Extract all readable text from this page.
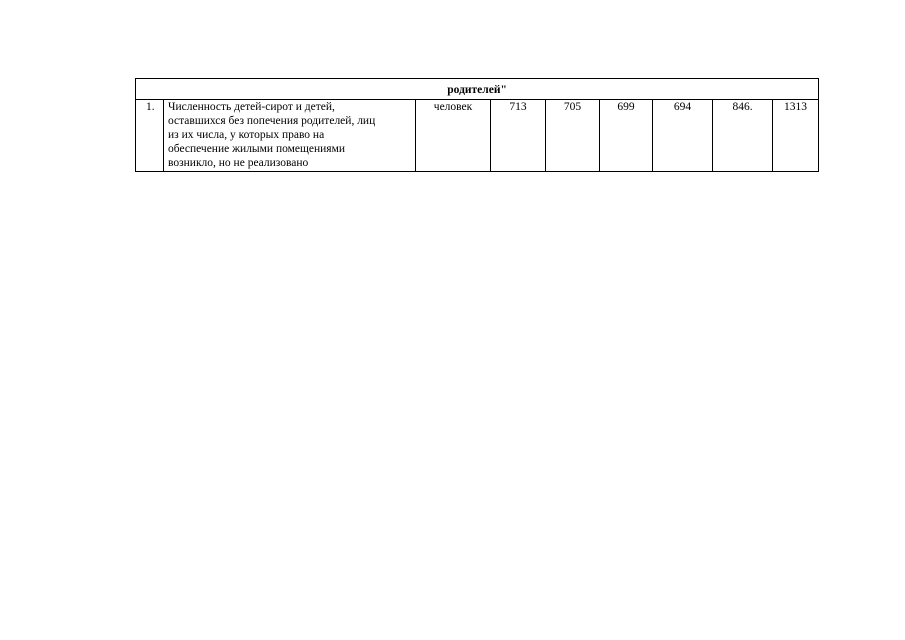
родителей"
1.	Численность детей-сирот и детей,
оставшихся без попечения родителей, лиц
из их числа, у которых право на
обеспечение жилыми помещениями
возникло, но не реализовано
	человек	713	705	699	694	846.	1313
